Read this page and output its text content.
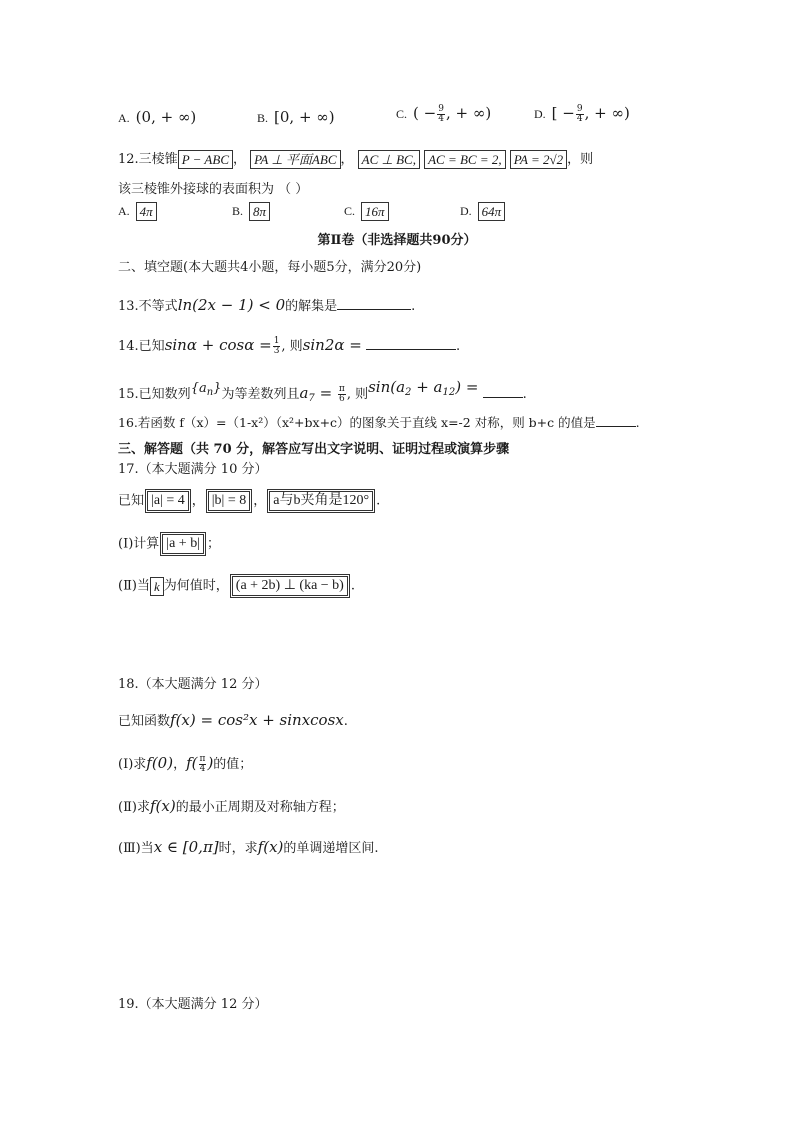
A. (0, + ∞)	B. [0, + ∞)	C. ( − $\frac{9}{4}$ , + ∞)	D. [ − $\frac{9}{4}$ , + ∞)
12.三棱锥 P − ABC ， PA ⊥ 平面ABC ， AC ⊥ BC, AC = BC = 2, PA = 2√2 ，则
该三棱锥外接球的表面积为 （ ）
A. 4π	B. 8π	C. 16π	D. 64π
第Ⅱ卷（非选择题共90分）
二、填空题(本大题共4小题，每小题5分，满分20分)
13.不等式ln(2x − 1) < 0的解集是	.
14.已知$\sin\alpha + \cos\alpha = \frac{1}{3}$ , 则sin2α =	.
15.已知数列$\{a_n\}$为等差数列且$a_7 = \frac{\pi}{6}$ , 则$\sin(a_2 + a_{12})$ =	.
16.若函数 f（x）=（1-x²）（x²+bx+c）的图象关于直线 x=-2 对称，则 b+c 的值是	.
三、解答题（共 70 分，解答应写出文字说明、证明过程或演算步骤
17.（本大题满分 10 分）
已知 |a| = 4 ， |b| = 8 ， a与b夹角是120° .
(Ⅰ)计算 |a + b| ；
(Ⅱ)当 k 为何值时， (a + 2b) ⊥ (ka − b) .
18.（本大题满分 12 分）
已知函数f(x) = cos²x + sinxcosx.
(Ⅰ)求f(0)，$f( \frac{\pi}{4}$ )的值；
(Ⅱ)求f(x)的最小正周期及对称轴方程；
(Ⅲ)当x ∈ [0,π]时，求f(x)的单调递增区间.
19.（本大题满分 12 分）
